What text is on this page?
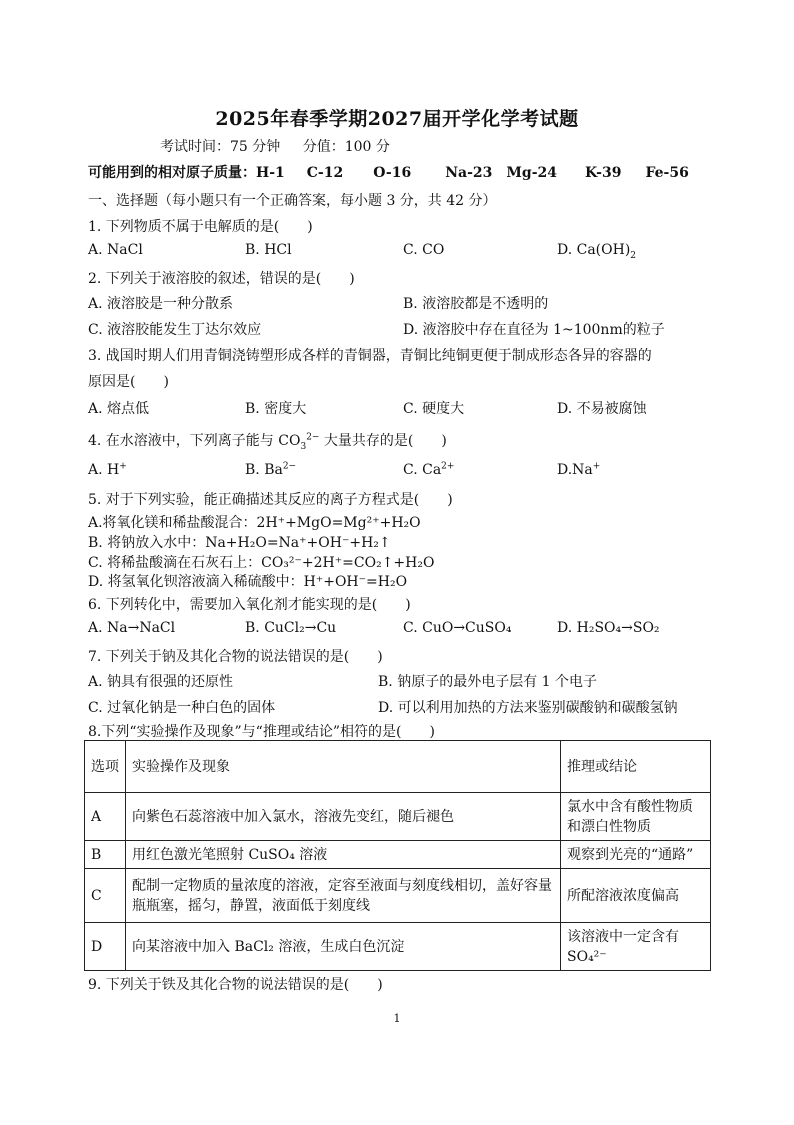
2025年春季学期2027届开学化学考试题
考试时间：75 分钟 分值：100 分
可能用到的相对原子质量：H-1 C-12 O-16 Na-23 Mg-24 K-39 Fe-56
一、选择题（每小题只有一个正确答案，每小题 3 分，共 42 分）
1. 下列物质不属于电解质的是(　　)
A. NaCl	B. HCl	C. CO	D. $Ca(OH)_2$
2. 下列关于液溶胶的叙述，错误的是(　　)
A. 液溶胶是一种分散系	B. 液溶胶都是不透明的
C. 液溶胶能发生丁达尔效应	D. 液溶胶中存在直径为 1~100nm的粒子
3. 战国时期人们用青铜浇铸塑形成各样的青铜器，青铜比纯铜更便于制成形态各异的容器的
原因是(　　)
A. 熔点低	B. 密度大	C. 硬度大	D. 不易被腐蚀
4. 在水溶液中，下列离子能与 $CO_3^{2-}$ 大量共存的是(　　)
A. H+	B. $Ba^{2-}$	C. $Ca^{2+}$	D.Na+
5. 对于下列实验，能正确描述其反应的离子方程式是(　　)
A.将氧化镁和稀盐酸混合：2H⁺+MgO=Mg²⁺+H₂O
B. 将钠放入水中：Na+H₂O=Na⁺+OH⁻+H₂↑
C. 将稀盐酸滴在石灰石上：CO₃²⁻+2H⁺=CO₂↑+H₂O
D. 将氢氧化钡溶液滴入稀硫酸中：H⁺+OH⁻=H₂O
6. 下列转化中，需要加入氧化剂才能实现的是(　　)
A. Na→NaCl	B. CuCl₂→Cu	C. CuO→CuSO₄	D. H₂SO₄→SO₂
7. 下列关于钠及其化合物的说法错误的是(　　)
A. 钠具有很强的还原性	B. 钠原子的最外电子层有 1 个电子
C. 过氧化钠是一种白色的固体	D. 可以利用加热的方法来鉴别碳酸钠和碳酸氢钠
8.下列“实验操作及现象”与“推理或结论”相符的是(　　)
选项	实验操作及现象	推理或结论
A	向紫色石蕊溶液中加入氯水，溶液先变红，随后褪色	氯水中含有酸性物质和漂白性物质
B	用红色激光笔照射 CuSO₄ 溶液	观察到光亮的“通路”
C	配制一定物质的量浓度的溶液，定容至液面与刻度线相切，盖好容量瓶瓶塞，摇匀，静置，液面低于刻度线	所配溶液浓度偏高
D	向某溶液中加入 BaCl₂ 溶液，生成白色沉淀	该溶液中一定含有 SO₄²⁻
9. 下列关于铁及其化合物的说法错误的是(　　)
1
